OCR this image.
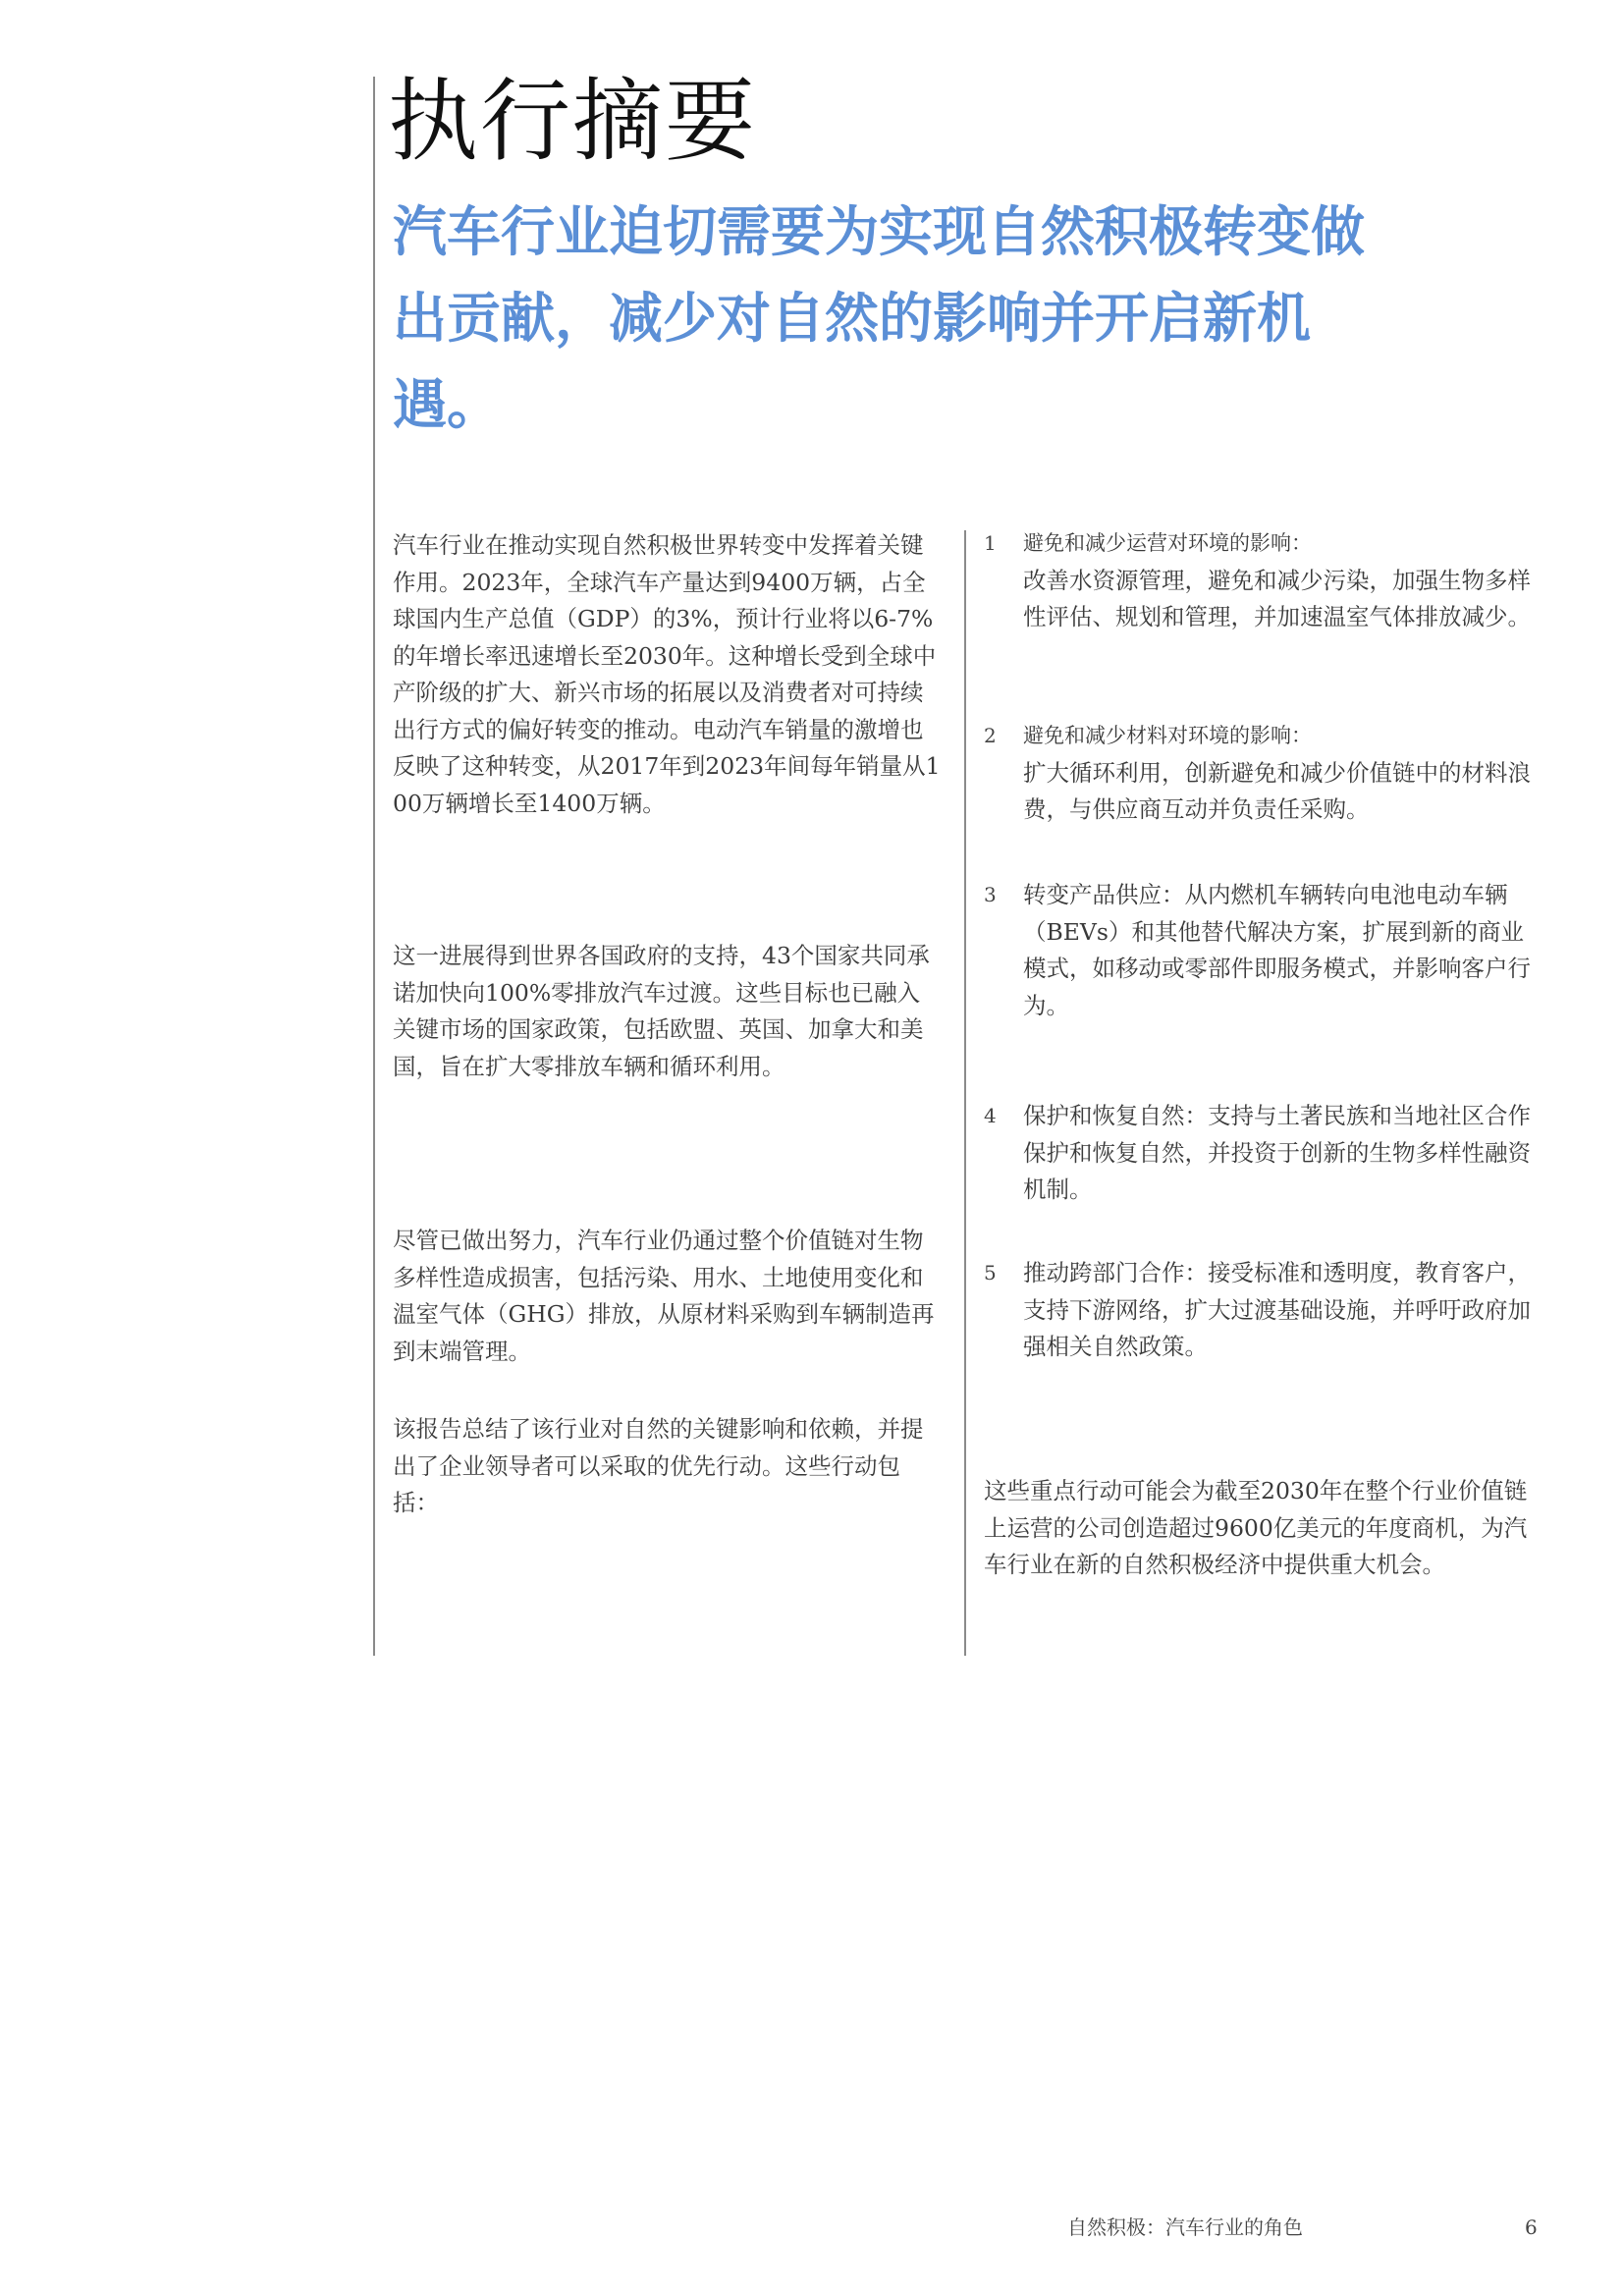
执行摘要
汽车行业迫切需要为实现自然积极转变做出贡献，减少对自然的影响并开启新机遇。

汽车行业在推动实现自然积极世界转变中发挥着关键作用。2023年，全球汽车产量达到9400万辆，占全球国内生产总值（GDP）的3%，预计行业将以6-7%的年增长率迅速增长至2030年。这种增长受到全球中产阶级的扩大、新兴市场的拓展以及消费者对可持续出行方式的偏好转变的推动。电动汽车销量的激增也反映了这种转变，从2017年到2023年间每年销量从100万辆增长至1400万辆。

这一进展得到世界各国政府的支持，43个国家共同承诺加快向100%零排放汽车过渡。这些目标也已融入关键市场的国家政策，包括欧盟、英国、加拿大和美国，旨在扩大零排放车辆和循环利用。

尽管已做出努力，汽车行业仍通过整个价值链对生物多样性造成损害，包括污染、用水、土地使用变化和温室气体（GHG）排放，从原材料采购到车辆制造再到末端管理。

该报告总结了该行业对自然的关键影响和依赖，并提出了企业领导者可以采取的优先行动。这些行动包括：

1 避免和减少运营对环境的影响：
改善水资源管理，避免和减少污染，加强生物多样性评估、规划和管理，并加速温室气体排放减少。
2 避免和减少材料对环境的影响：
扩大循环利用，创新避免和减少价值链中的材料浪费，与供应商互动并负责任采购。
3 转变产品供应：从内燃机车辆转向电池电动车辆（BEVs）和其他替代解决方案，扩展到新的商业模式，如移动或零部件即服务模式，并影响客户行为。
4 保护和恢复自然：支持与土著民族和当地社区合作保护和恢复自然，并投资于创新的生物多样性融资机制。
5 推动跨部门合作：接受标准和透明度，教育客户，支持下游网络，扩大过渡基础设施，并呼吁政府加强相关自然政策。

这些重点行动可能会为截至2030年在整个行业价值链上运营的公司创造超过9600亿美元的年度商机，为汽车行业在新的自然积极经济中提供重大机会。

自然积极：汽车行业的角色	6
